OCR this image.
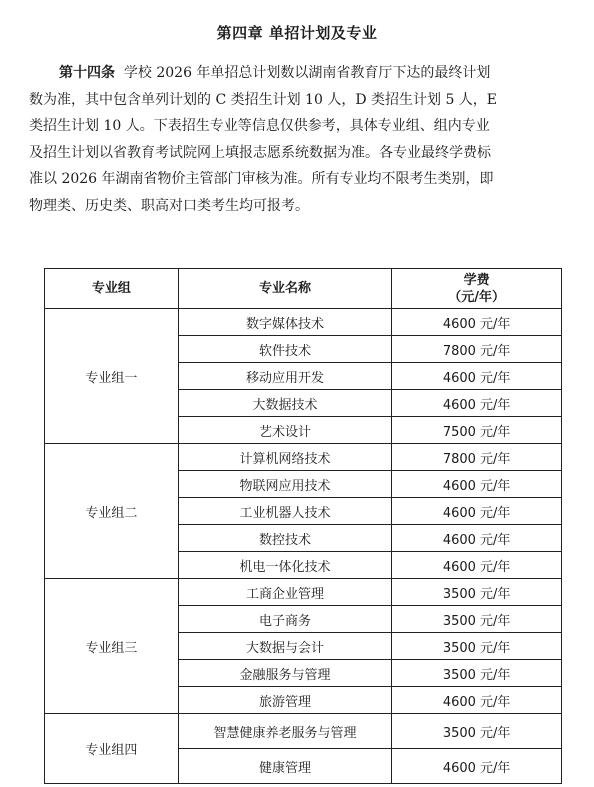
第四章 单招计划及专业

第十四条 学校 2026 年单招总计划数以湖南省教育厅下达的最终计划
数为准，其中包含单列计划的 C 类招生计划 10 人，D 类招生计划 5 人，E
类招生计划 10 人。下表招生专业等信息仅供参考，具体专业组、组内专业
及招生计划以省教育考试院网上填报志愿系统数据为准。各专业最终学费标
准以 2026 年湖南省物价主管部门审核为准。所有专业均不限考生类别，即
物理类、历史类、职高对口类考生均可报考。

专业组	专业名称	学费
（元/年）

专业组一	数字媒体技术	4600 元/年
	软件技术	7800 元/年
	移动应用开发	4600 元/年
	大数据技术	4600 元/年
	艺术设计	7500 元/年
专业组二	计算机网络技术	7800 元/年
	物联网应用技术	4600 元/年
	工业机器人技术	4600 元/年
	数控技术	4600 元/年
	机电一体化技术	4600 元/年
专业组三	工商企业管理	3500 元/年
	电子商务	3500 元/年
	大数据与会计	3500 元/年
	金融服务与管理	3500 元/年
	旅游管理	4600 元/年
专业组四	智慧健康养老服务与管理	3500 元/年
	健康管理	4600 元/年
